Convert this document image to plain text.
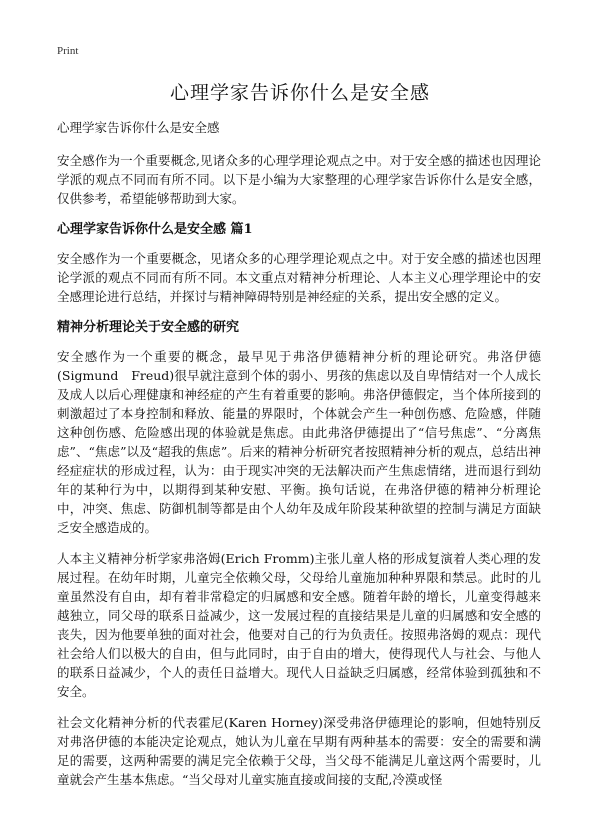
Print
心理学家告诉你什么是安全感

心理学家告诉你什么是安全感

安全感作为一个重要概念,见诸众多的心理学理论观点之中。对于安全感的描述也因理论学派的观点不同而有所不同。以下是小编为大家整理的心理学家告诉你什么是安全感，仅供参考，希望能够帮助到大家。

心理学家告诉你什么是安全感 篇1

安全感作为一个重要概念，见诸众多的心理学理论观点之中。对于安全感的描述也因理论学派的观点不同而有所不同。本文重点对精神分析理论、人本主义心理学理论中的安全感理论进行总结，并探讨与精神障碍特别是神经症的关系，提出安全感的定义。

精神分析理论关于安全感的研究

安全感作为一个重要的概念，最早见于弗洛伊德精神分析的理论研究。弗洛伊德(Sigmund　Freud)很早就注意到个体的弱小、男孩的焦虑以及自卑情结对一个人成长及成人以后心理健康和神经症的产生有着重要的影响。弗洛伊德假定，当个体所接到的刺激超过了本身控制和释放、能量的界限时，个体就会产生一种创伤感、危险感，伴随这种创伤感、危险感出现的体验就是焦虑。由此弗洛伊德提出了“信号焦虑”、“分离焦虑”、“焦虑”以及“超我的焦虑”。后来的精神分析研究者按照精神分析的观点，总结出神经症症状的形成过程，认为：由于现实冲突的无法解决而产生焦虑情绪，进而退行到幼年的某种行为中，以期得到某种安慰、平衡。换句话说，在弗洛伊德的精神分析理论中，冲突、焦虑、防御机制等都是由个人幼年及成年阶段某种欲望的控制与满足方面缺乏安全感造成的。

人本主义精神分析学家弗洛姆(Erich Fromm)主张儿童人格的形成复演着人类心理的发展过程。在幼年时期，儿童完全依赖父母，父母给儿童施加种种界限和禁忌。此时的儿童虽然没有自由，却有着非常稳定的归属感和安全感。随着年龄的增长，儿童变得越来越独立，同父母的联系日益减少，这一发展过程的直接结果是儿童的归属感和安全感的丧失，因为他要单独的面对社会，他要对自己的行为负责任。按照弗洛姆的观点：现代社会给人们以极大的自由，但与此同时，由于自由的增大，使得现代人与社会、与他人的联系日益减少，个人的责任日益增大。现代人日益缺乏归属感，经常体验到孤独和不安全。

社会文化精神分析的代表霍尼(Karen Horney)深受弗洛伊德理论的影响，但她特别反对弗洛伊德的本能决定论观点，她认为儿童在早期有两种基本的需要：安全的需要和满足的需要，这两种需要的满足完全依赖于父母，当父母不能满足儿童这两个需要时，儿童就会产生基本焦虑。“当父母对儿童实施直接或间接的支配,冷漠或怪
